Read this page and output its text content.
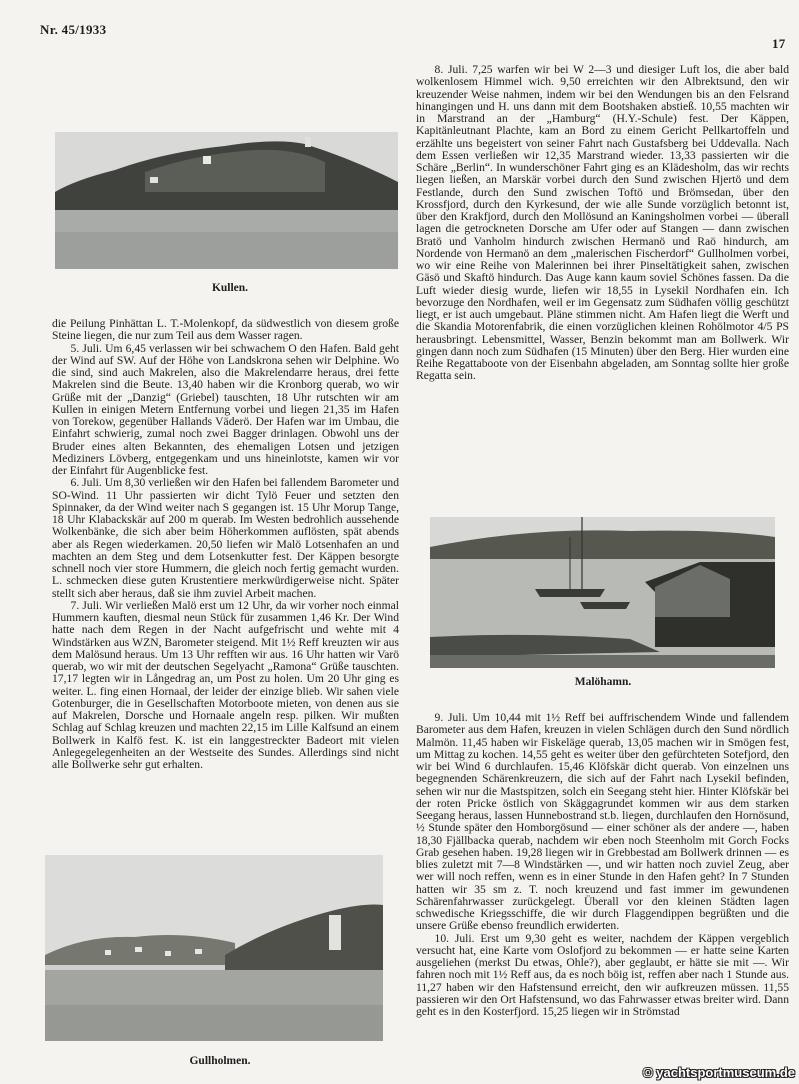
Nr. 45/1933
17
Kullen.

die Peilung Pinhättan L. T.-Molenkopf, da südwestlich von diesem große Steine liegen, die nur zum Teil aus dem Wasser ragen.

5. Juli. Um 6,45 verlassen wir bei schwachem O den Hafen. Bald geht der Wind auf SW. Auf der Höhe von Landskrona sehen wir Delphine. Wo die sind, sind auch Makrelen, also die Makrelendarre heraus, drei fette Makrelen sind die Beute. 13,40 haben wir die Kronborg querab, wo wir Grüße mit der „Danzig“ (Griebel) tauschten, 18 Uhr rutschten wir am Kullen in einigen Metern Entfernung vorbei und liegen 21,35 im Hafen von Torekow, gegenüber Hallands Väderö. Der Hafen war im Umbau, die Einfahrt schwierig, zumal noch zwei Bagger drinlagen. Obwohl uns der Bruder eines alten Bekannten, des ehemaligen Lotsen und jetzigen Mediziners Lövberg, entgegenkam und uns hineinlotste, kamen wir vor der Einfahrt für Augenblicke fest.

6. Juli. Um 8,30 verließen wir den Hafen bei fallendem Barometer und SO-Wind. 11 Uhr passierten wir dicht Tylö Feuer und setzten den Spinnaker, da der Wind weiter nach S gegangen ist. 15 Uhr Morup Tange, 18 Uhr Klabackskär auf 200 m querab. Im Westen bedrohlich aussehende Wolkenbänke, die sich aber beim Höherkommen auflösten, spät abends aber als Regen wiederkamen. 20,50 liefen wir Malö Lotsenhafen an und machten an dem Steg und dem Lotsenkutter fest. Der Käppen besorgte schnell noch vier store Hummern, die gleich noch fertig gemacht wurden. L. schmecken diese guten Krustentiere merkwürdigerweise nicht. Später stellt sich aber heraus, daß sie ihm zuviel Arbeit machen.

7. Juli. Wir verließen Malö erst um 12 Uhr, da wir vorher noch einmal Hummern kauften, diesmal neun Stück für zusammen 1,46 Kr. Der Wind hatte nach dem Regen in der Nacht aufgefrischt und wehte mit 4 Windstärken aus WZN, Barometer steigend. Mit 1½ Reff kreuzten wir aus dem Malösund heraus. Um 13 Uhr refften wir aus. 16 Uhr hatten wir Varö querab, wo wir mit der deutschen Segelyacht „Ramona“ Grüße tauschten. 17,17 legten wir in Långedrag an, um Post zu holen. Um 20 Uhr ging es weiter. L. fing einen Hornaal, der leider der einzige blieb. Wir sahen viele Gotenburger, die in Gesellschaften Motorboote mieten, von denen aus sie auf Makrelen, Dorsche und Hornaale angeln resp. pilken. Wir mußten Schlag auf Schlag kreuzen und machten 22,15 im Lille Kalfsund an einem Bollwerk in Kalfö fest. K. ist ein langgestreckter Badeort mit vielen Anlegegelegenheiten an der Westseite des Sundes. Allerdings sind nicht alle Bollwerke sehr gut erhalten.

Gullholmen.

8. Juli. 7,25 warfen wir bei W 2—3 und diesiger Luft los, die aber bald wolkenlosem Himmel wich. 9,50 erreichten wir den Albrektsund, den wir kreuzender Weise nahmen, indem wir bei den Wendungen bis an den Felsrand hinangingen und H. uns dann mit dem Bootshaken abstieß. 10,55 machten wir in Marstrand an der „Hamburg“ (H.Y.-Schule) fest. Der Käppen, Kapitänleutnant Plachte, kam an Bord zu einem Gericht Pellkartoffeln und erzählte uns begeistert von seiner Fahrt nach Gustafsberg bei Uddevalla. Nach dem Essen verließen wir 12,35 Marstrand wieder. 13,33 passierten wir die Schäre „Berlin“. In wunderschöner Fahrt ging es an Klädesholm, das wir rechts liegen ließen, an Marskär vorbei durch den Sund zwischen Hjertö und dem Festlande, durch den Sund zwischen Toftö und Brömsedan, über den Krossfjord, durch den Kyrkesund, der wie alle Sunde vorzüglich betonnt ist, über den Krakfjord, durch den Mollösund an Kaningsholmen vorbei — überall lagen die getrockneten Dorsche am Ufer oder auf Stangen — dann zwischen Bratö und Vanholm hindurch zwischen Hermanö und Raö hindurch, am Nordende von Hermanö an dem „malerischen Fischerdorf“ Gullholmen vorbei, wo wir eine Reihe von Malerinnen bei ihrer Pinseltätigkeit sahen, zwischen Gäsö und Skaftö hindurch. Das Auge kann kaum soviel Schönes fassen. Da die Luft wieder diesig wurde, liefen wir 18,55 in Lysekil Nordhafen ein. Ich bevorzuge den Nordhafen, weil er im Gegensatz zum Südhafen völlig geschützt liegt, er ist auch umgebaut. Pläne stimmen nicht. Am Hafen liegt die Werft und die Skandia Motorenfabrik, die einen vorzüglichen kleinen Rohölmotor 4/5 PS herausbringt. Lebensmittel, Wasser, Benzin bekommt man am Bollwerk. Wir gingen dann noch zum Südhafen (15 Minuten) über den Berg. Hier wurden eine Reihe Regattaboote von der Eisenbahn abgeladen, am Sonntag sollte hier große Regatta sein.

Malöhamn.

9. Juli. Um 10,44 mit 1½ Reff bei auffrischendem Winde und fallendem Barometer aus dem Hafen, kreuzen in vielen Schlägen durch den Sund nördlich Malmön. 11,45 haben wir Fiskeläge querab, 13,05 machen wir in Smögen fest, um Mittag zu kochen. 14,55 geht es weiter über den gefürchteten Sotefjord, den wir bei Wind 6 durchlaufen. 15,46 Klöfskär dicht querab. Von einzelnen uns begegnenden Schärenkreuzern, die sich auf der Fahrt nach Lysekil befinden, sehen wir nur die Mastspitzen, solch ein Seegang steht hier. Hinter Klöfskär bei der roten Pricke östlich von Skäggagrundet kommen wir aus dem starken Seegang heraus, lassen Hunnebostrand st.b. liegen, durchlaufen den Hornösund, ½ Stunde später den Homborgösund — einer schöner als der andere —, haben 18,30 Fjällbacka querab, nachdem wir eben noch Steenholm mit Gorch Focks Grab gesehen haben. 19,28 liegen wir in Grebbestad am Bollwerk drinnen — es blies zuletzt mit 7—8 Windstärken —, und wir hatten noch zuviel Zeug, aber wer will noch reffen, wenn es in einer Stunde in den Hafen geht? In 7 Stunden hatten wir 35 sm z. T. noch kreuzend und fast immer im gewundenen Schärenfahrwasser zurückgelegt. Überall vor den kleinen Städten lagen schwedische Kriegsschiffe, die wir durch Flaggendippen begrüßten und die unsere Grüße ebenso freundlich erwiderten.

10. Juli. Erst um 9,30 geht es weiter, nachdem der Käppen vergeblich versucht hat, eine Karte vom Oslofjord zu bekommen — er hatte seine Karten ausgeliehen (merkst Du etwas, Ohle?), aber geglaubt, er hätte sie mit —. Wir fahren noch mit 1½ Reff aus, da es noch böig ist, reffen aber nach 1 Stunde aus. 11,27 haben wir den Hafstensund erreicht, den wir aufkreuzen müssen. 11,55 passieren wir den Ort Hafstensund, wo das Fahrwasser etwas breiter wird. Dann geht es in den Kosterfjord. 15,25 liegen wir in Strömstad

© yachtsportmuseum.de
